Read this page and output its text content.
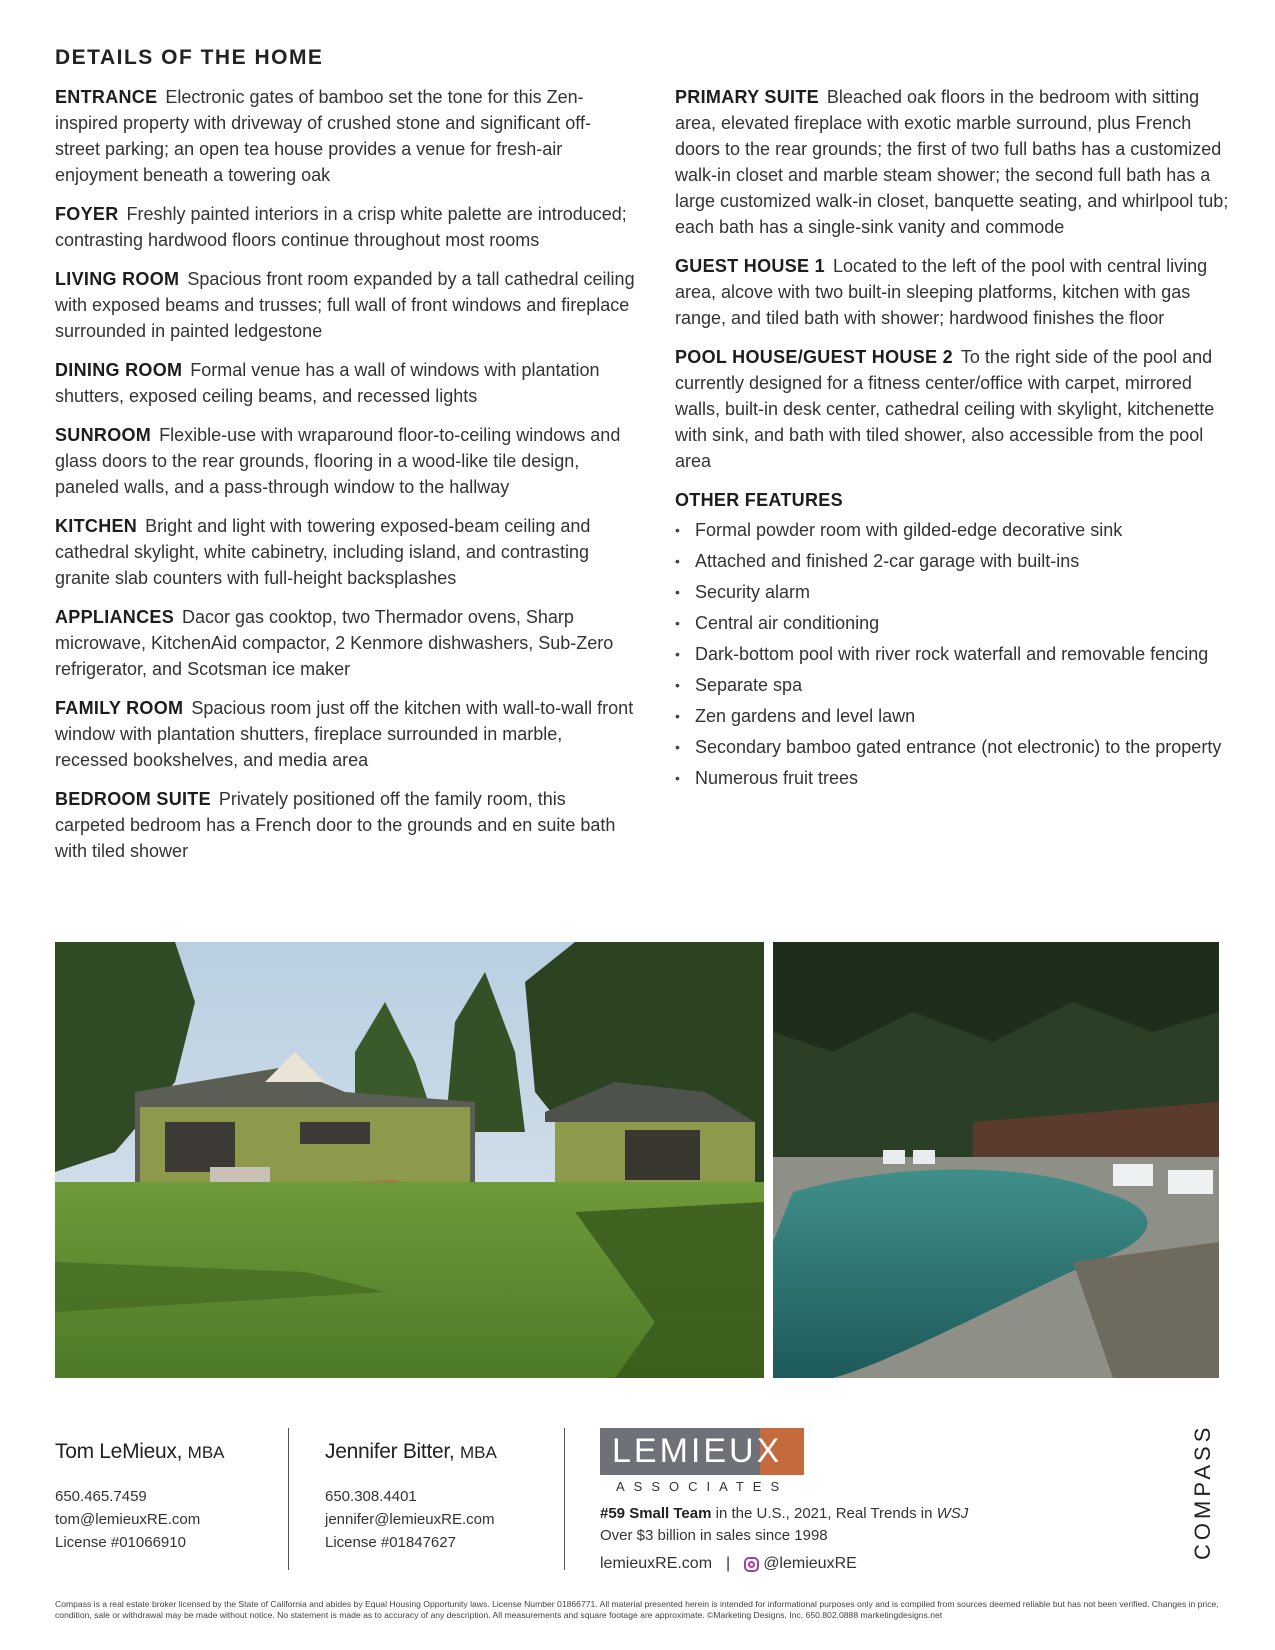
DETAILS OF THE HOME

ENTRANCE Electronic gates of bamboo set the tone for this Zen-inspired property with driveway of crushed stone and significant off-street parking; an open tea house provides a venue for fresh-air enjoyment beneath a towering oak

FOYER Freshly painted interiors in a crisp white palette are introduced; contrasting hardwood floors continue throughout most rooms

LIVING ROOM Spacious front room expanded by a tall cathedral ceiling with exposed beams and trusses; full wall of front windows and fireplace surrounded in painted ledgestone

DINING ROOM Formal venue has a wall of windows with plantation shutters, exposed ceiling beams, and recessed lights

SUNROOM Flexible-use with wraparound floor-to-ceiling windows and glass doors to the rear grounds, flooring in a wood-like tile design, paneled walls, and a pass-through window to the hallway

KITCHEN Bright and light with towering exposed-beam ceiling and cathedral skylight, white cabinetry, including island, and contrasting granite slab counters with full-height backsplashes

APPLIANCES Dacor gas cooktop, two Thermador ovens, Sharp microwave, KitchenAid compactor, 2 Kenmore dishwashers, Sub-Zero refrigerator, and Scotsman ice maker

FAMILY ROOM Spacious room just off the kitchen with wall-to-wall front window with plantation shutters, fireplace surrounded in marble, recessed bookshelves, and media area

BEDROOM SUITE Privately positioned off the family room, this carpeted bedroom has a French door to the grounds and en suite bath with tiled shower

PRIMARY SUITE Bleached oak floors in the bedroom with sitting area, elevated fireplace with exotic marble surround, plus French doors to the rear grounds; the first of two full baths has a customized walk-in closet and marble steam shower; the second full bath has a large customized walk-in closet, banquette seating, and whirlpool tub; each bath has a single-sink vanity and commode

GUEST HOUSE 1 Located to the left of the pool with central living area, alcove with two built-in sleeping platforms, kitchen with gas range, and tiled bath with shower; hardwood finishes the floor

POOL HOUSE/GUEST HOUSE 2 To the right side of the pool and currently designed for a fitness center/office with carpet, mirrored walls, built-in desk center, cathedral ceiling with skylight, kitchenette with sink, and bath with tiled shower, also accessible from the pool area

OTHER FEATURES

• Formal powder room with gilded-edge decorative sink
• Attached and finished 2-car garage with built-ins
• Security alarm
• Central air conditioning
• Dark-bottom pool with river rock waterfall and removable fencing
• Separate spa
• Zen gardens and level lawn
• Secondary bamboo gated entrance (not electronic) to the property
• Numerous fruit trees

Tom LeMieux, MBA

650.465.7459

tom@lemieuxRE.com

License #01066910

Jennifer Bitter, MBA

650.308.4401

jennifer@lemieuxRE.com

License #01847627

LEMIEUX
ASSOCIATES

#59 Small Team in the U.S., 2021, Real Trends in WSJ

Over $3 billion in sales since 1998

lemieuxRE.com | @lemieuxRE
COMPASS

Compass is a real estate broker licensed by the State of California and abides by Equal Housing Opportunity laws. License Number 01866771. All material presented herein is intended for informational purposes only and is compiled from sources deemed reliable but has not been verified. Changes in price, condition, sale or withdrawal may be made without notice. No statement is made as to accuracy of any description. All measurements and square footage are approximate. ©Marketing Designs, Inc. 650.802.0888 marketingdesigns.net
